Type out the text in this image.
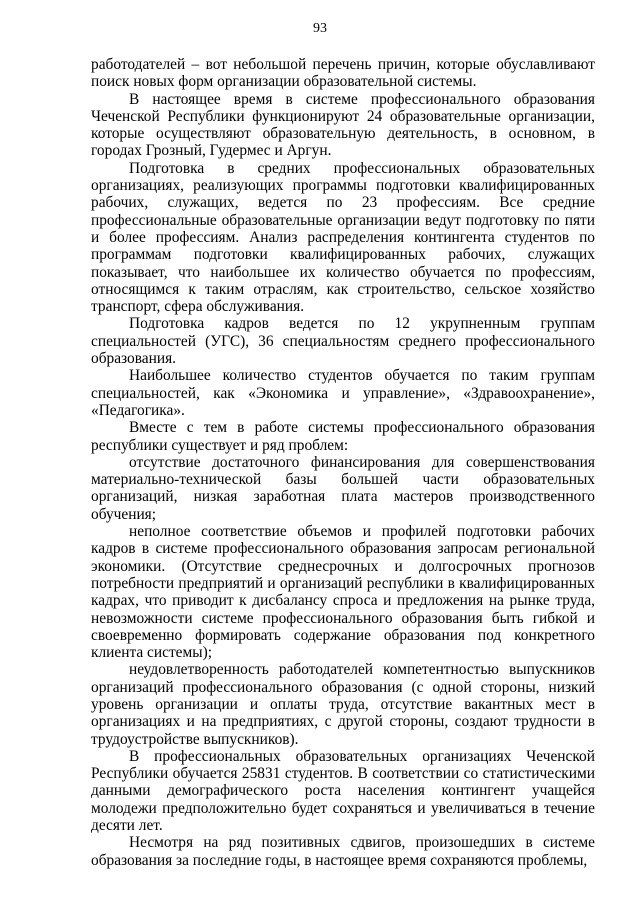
93

работодателей – вот небольшой перечень причин, которые обуславливают поиск новых форм организации образовательной системы.

В настоящее время в системе профессионального образования Чеченской Республики функционируют 24 образовательные организации, которые осуществляют образовательную деятельность, в основном, в городах Грозный, Гудермес и Аргун.

Подготовка в средних профессиональных образовательных организациях, реализующих программы подготовки квалифицированных рабочих, служащих, ведется по 23 профессиям. Все средние профессиональные образовательные организации ведут подготовку по пяти и более профессиям. Анализ распределения контингента студентов по программам подготовки квалифицированных рабочих, служащих показывает, что наибольшее их количество обучается по профессиям, относящимся к таким отраслям, как строительство, сельское хозяйство транспорт, сфера обслуживания.

Подготовка кадров ведется по 12 укрупненным группам специальностей (УГС), 36 специальностям среднего профессионального образования.

Наибольшее количество студентов обучается по таким группам специальностей, как «Экономика и управление», «Здравоохранение», «Педагогика».

Вместе с тем в работе системы профессионального образования республики существует и ряд проблем:

отсутствие достаточного финансирования для совершенствования материально-технической базы большей части образовательных организаций, низкая заработная плата мастеров производственного обучения;

неполное соответствие объемов и профилей подготовки рабочих кадров в системе профессионального образования запросам региональной экономики. (Отсутствие среднесрочных и долгосрочных прогнозов потребности предприятий и организаций республики в квалифицированных кадрах, что приводит к дисбалансу спроса и предложения на рынке труда, невозможности системе профессионального образования быть гибкой и своевременно формировать содержание образования под конкретного клиента системы);

неудовлетворенность работодателей компетентностью выпускников организаций профессионального образования (с одной стороны, низкий уровень организации и оплаты труда, отсутствие вакантных мест в организациях и на предприятиях, с другой стороны, создают трудности в трудоустройстве выпускников).

В профессиональных образовательных организациях Чеченской Республики обучается 25831 студентов. В соответствии со статистическими данными демографического роста населения контингент учащейся молодежи предположительно будет сохраняться и увеличиваться в течение десяти лет.

Несмотря на ряд позитивных сдвигов, произошедших в системе образования за последние годы, в настоящее время сохраняются проблемы,
